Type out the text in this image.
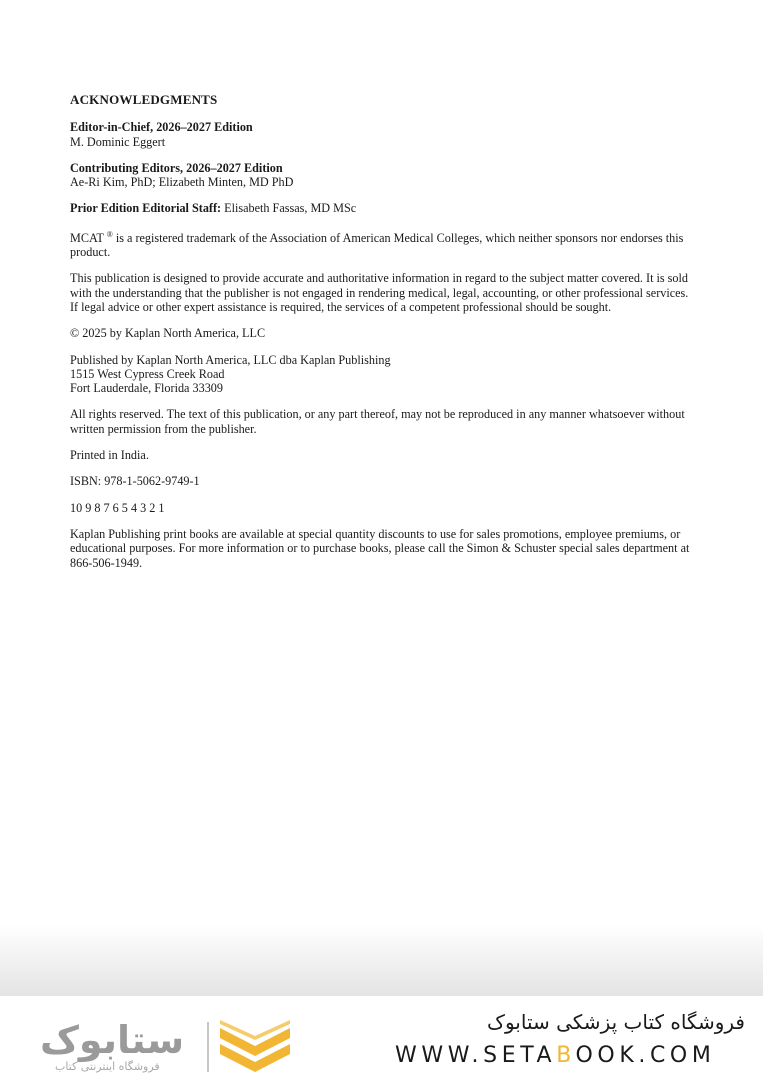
ACKNOWLEDGMENTS
Editor-in-Chief, 2026–2027 Edition
M. Dominic Eggert
Contributing Editors, 2026–2027 Edition
Ae-Ri Kim, PhD; Elizabeth Minten, MD PhD
Prior Edition Editorial Staff: Elisabeth Fassas, MD MSc
MCAT ® is a registered trademark of the Association of American Medical Colleges, which neither sponsors nor endorses this product.
This publication is designed to provide accurate and authoritative information in regard to the subject matter covered. It is sold with the understanding that the publisher is not engaged in rendering medical, legal, accounting, or other professional services. If legal advice or other expert assistance is required, the services of a competent professional should be sought.
© 2025 by Kaplan North America, LLC
Published by Kaplan North America, LLC dba Kaplan Publishing
1515 West Cypress Creek Road
Fort Lauderdale, Florida 33309
All rights reserved. The text of this publication, or any part thereof, may not be reproduced in any manner whatsoever without written permission from the publisher.
Printed in India.
ISBN: 978-1-5062-9749-1
10 9 8 7 6 5 4 3 2 1
Kaplan Publishing print books are available at special quantity discounts to use for sales promotions, employee premiums, or educational purposes. For more information or to purchase books, please call the Simon & Schuster special sales department at 866-506-1949.
ستابوک
فروشگاه اینترنتی کتاب
فروشگاه کتاب پزشکی ستابوک
WWW.SETABOOK.COM
